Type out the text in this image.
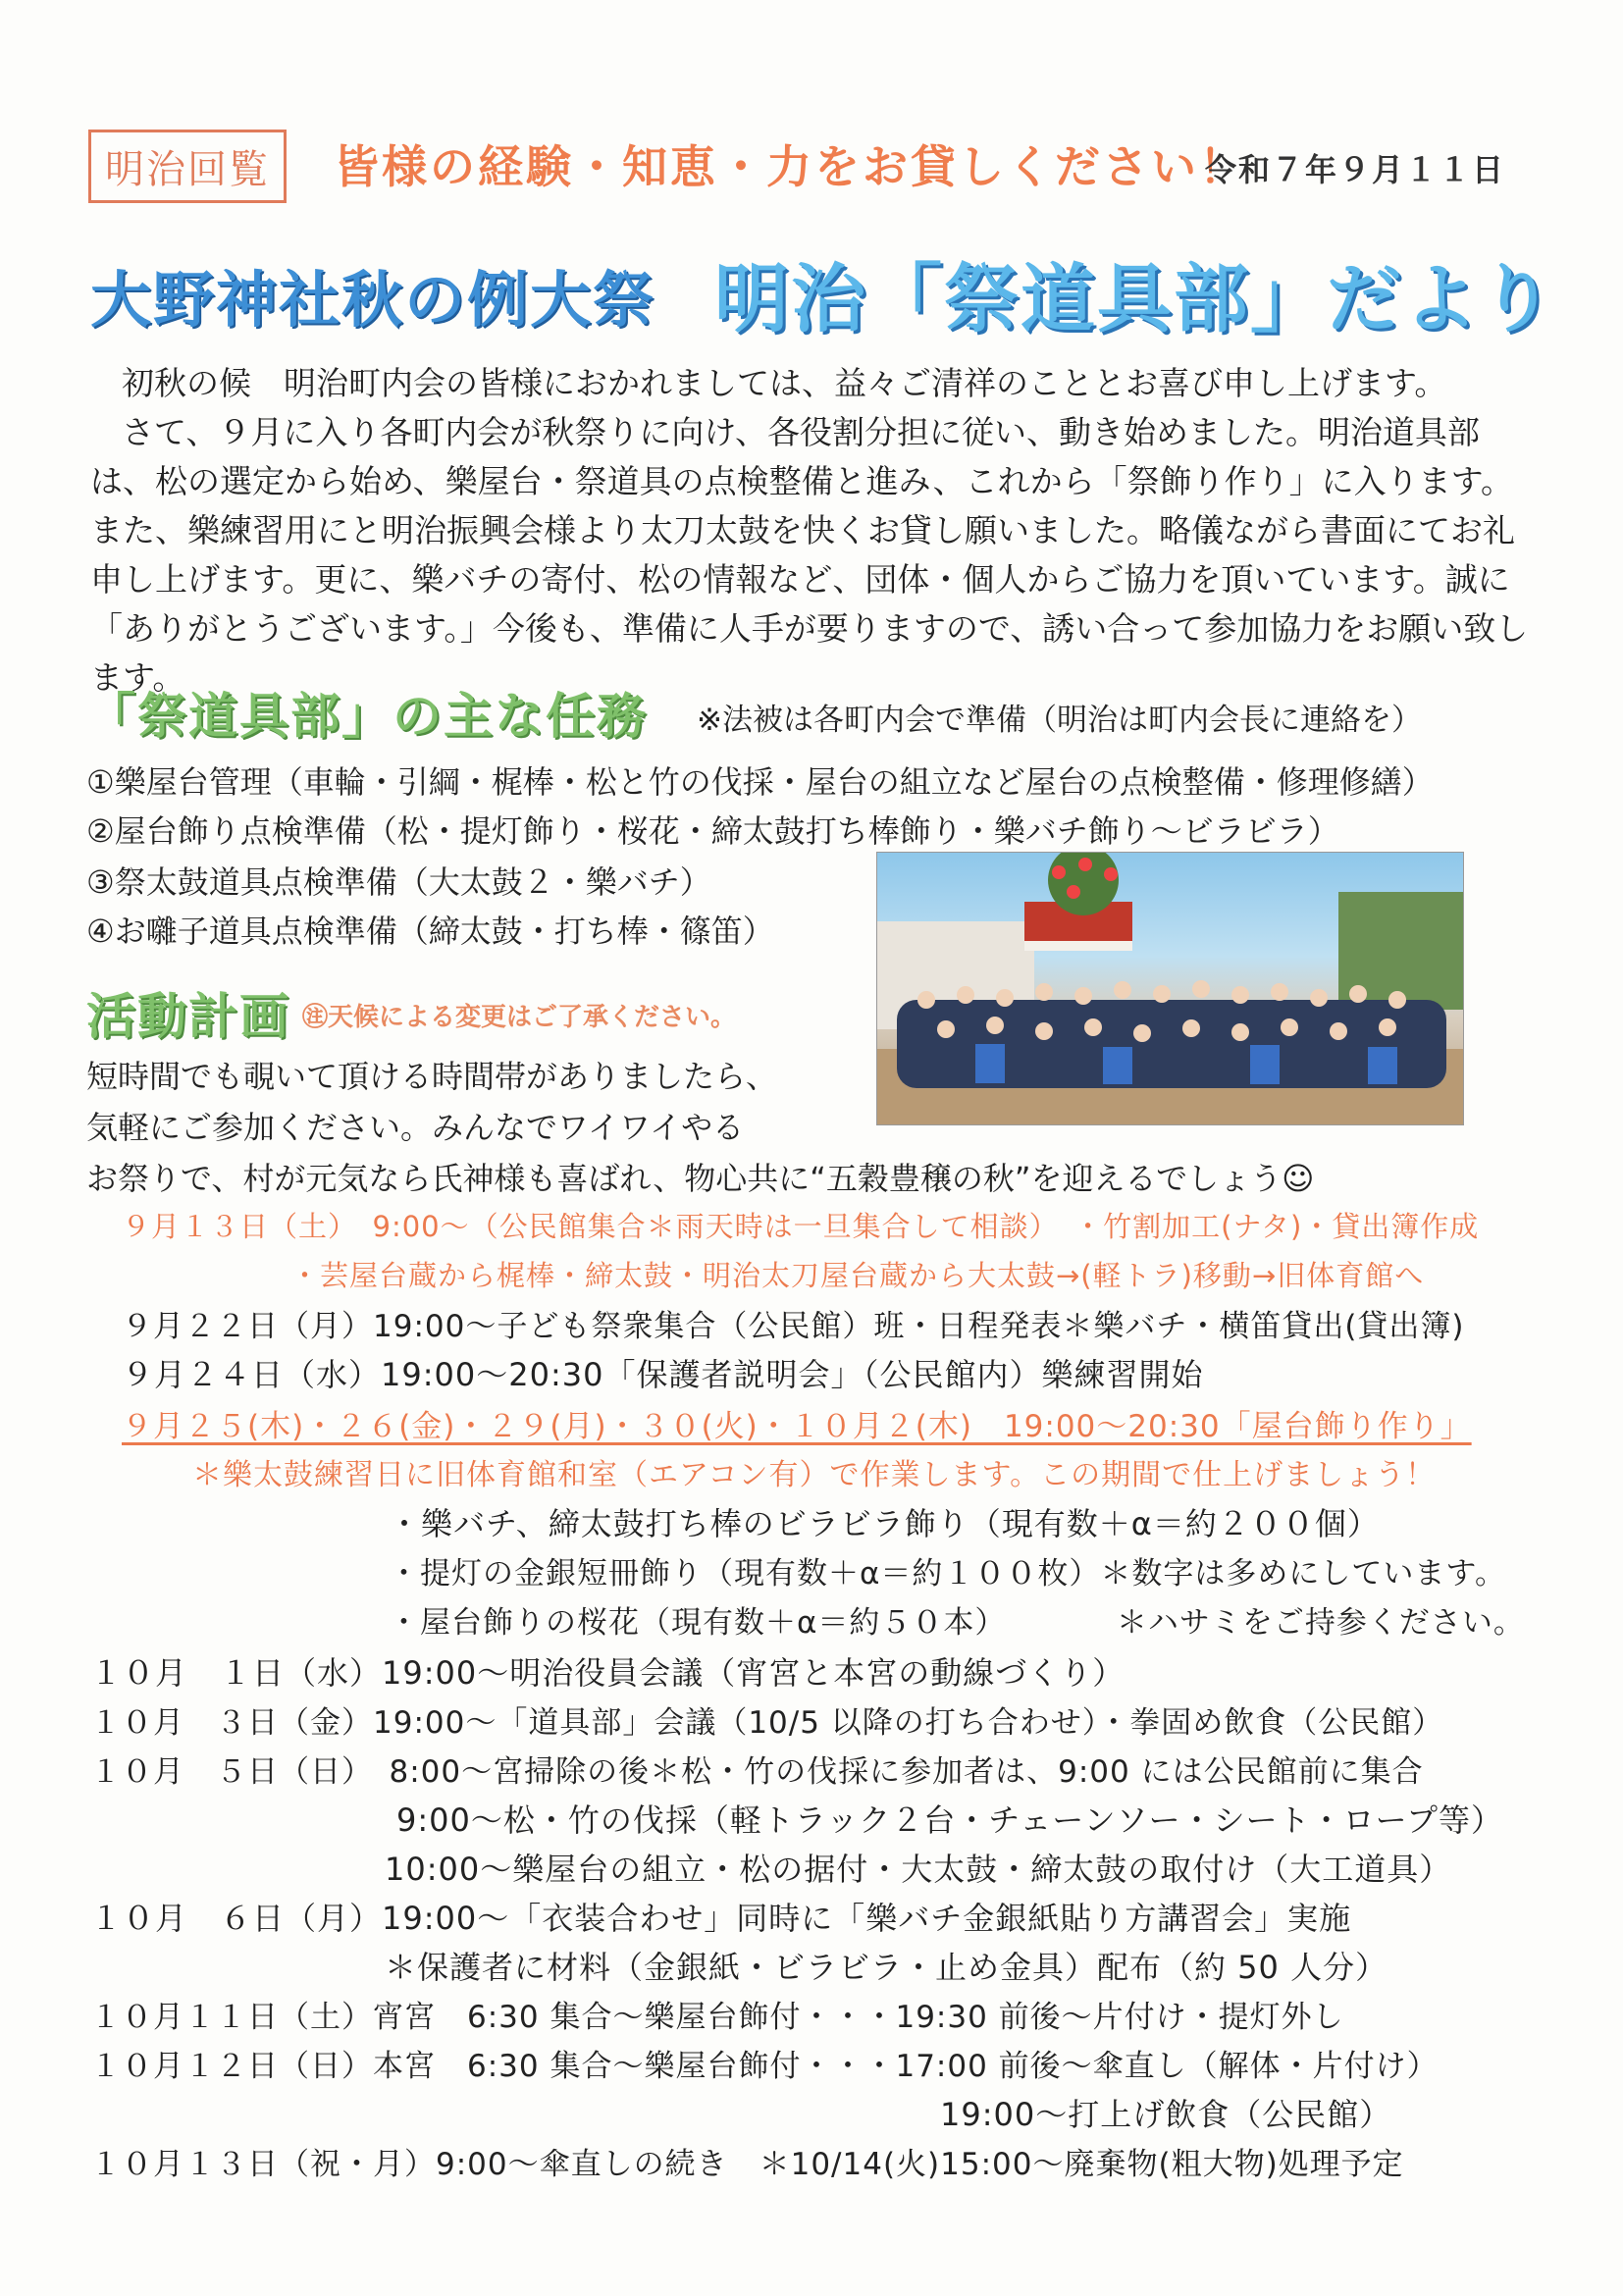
明治回覧	皆様の経験・知恵・力をお貸しください！
令和７年９月１１日
大野神社秋の例大祭 明治「祭道具部」だより

初秋の候　明治町内会の皆様におかれましては、益々ご清祥のこととお喜び申し上げます。

さて、９月に入り各町内会が秋祭りに向け、各役割分担に従い、動き始めました。明治道具部は、松の選定から始め、樂屋台・祭道具の点検整備と進み、これから「祭飾り作り」に入ります。また、樂練習用にと明治振興会様より太刀太鼓を快くお貸し願いました。略儀ながら書面にてお礼申し上げます。更に、樂バチの寄付、松の情報など、団体・個人からご協力を頂いています。誠に「ありがとうございます。」今後も、準備に人手が要りますので、誘い合って参加協力をお願い致します。

「祭道具部」の主な任務 ※法被は各町内会で準備（明治は町内会長に連絡を）
①樂屋台管理（車輪・引綱・梶棒・松と竹の伐採・屋台の組立など屋台の点検整備・修理修繕）
②屋台飾り点検準備（松・提灯飾り・桜花・締太鼓打ち棒飾り・樂バチ飾り～ビラビラ）
③祭太鼓道具点検準備（大太鼓２・樂バチ）
④お囃子道具点検準備（締太鼓・打ち棒・篠笛）
活動計画 ㊟天候による変更はご了承ください。
短時間でも覗いて頂ける時間帯がありましたら、
気軽にご参加ください。みんなでワイワイやる
お祭りで、村が元気なら氏神様も喜ばれ、物心共に“五穀豊穣の秋”を迎えるでしょう☺
９月１３日（土）　9:00～（公民館集合＊雨天時は一旦集合して相談）　・竹割加工(ナタ)・貸出簿作成
・芸屋台蔵から梶棒・締太鼓・明治太刀屋台蔵から大太鼓→(軽トラ)移動→旧体育館へ
９月２２日（月）19:00～子ども祭衆集合（公民館）班・日程発表＊樂バチ・横笛貸出(貸出簿)
９月２４日（水）19:00～20:30「保護者説明会」（公民館内）樂練習開始
９月２５(木)・２６(金)・２９(月)・３０(火)・１０月２(木)　19:00～20:30「屋台飾り作り」
＊樂太鼓練習日に旧体育館和室（エアコン有）で作業します。この期間で仕上げましょう！
・樂バチ、締太鼓打ち棒のビラビラ飾り（現有数＋α＝約２００個）
・提灯の金銀短冊飾り（現有数＋α＝約１００枚）＊数字は多めにしています。
・屋台飾りの桜花（現有数＋α＝約５０本）　　　　＊ハサミをご持参ください。
１０月　１日（水）19:00～明治役員会議（宵宮と本宮の動線づくり）
１０月　３日（金）19:00～「道具部」会議（10/5 以降の打ち合わせ）・拳固め飲食（公民館）
１０月　５日（日）　8:00～宮掃除の後＊松・竹の伐採に参加者は、9:00 には公民館前に集合
9:00～松・竹の伐採（軽トラック２台・チェーンソー・シート・ロープ等）
10:00～樂屋台の組立・松の据付・大太鼓・締太鼓の取付け（大工道具）
１０月　６日（月）19:00～「衣装合わせ」同時に「樂バチ金銀紙貼り方講習会」実施
＊保護者に材料（金銀紙・ビラビラ・止め金具）配布（約 50 人分）
１０月１１日（土）宵宮　6:30 集合～樂屋台飾付・・・19:30 前後～片付け・提灯外し
１０月１２日（日）本宮　6:30 集合～樂屋台飾付・・・17:00 前後～傘直し（解体・片付け）
19:00～打上げ飲食（公民館）
１０月１３日（祝・月）9:00～傘直しの続き　＊10/14(火)15:00～廃棄物(粗大物)処理予定
